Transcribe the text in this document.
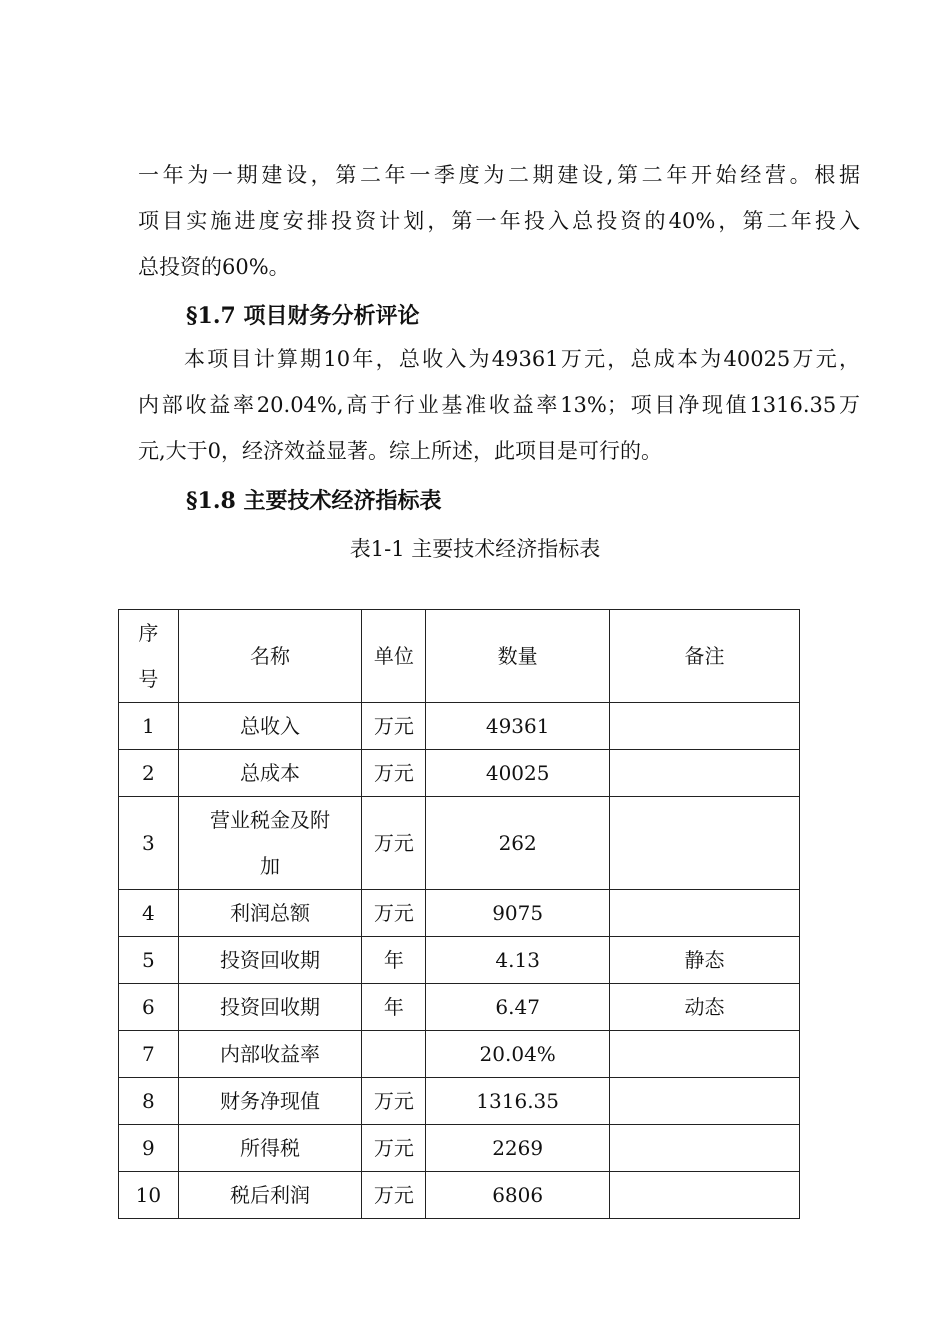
一年为一期建设，第二年一季度为二期建设,第二年开始经营。根据
项目实施进度安排投资计划，第一年投入总投资的40%，第二年投入
总投资的60%。
§1.7 项目财务分析评论
本项目计算期10年，总收入为49361万元，总成本为40025万元，
内部收益率20.04%,高于行业基准收益率13%；项目净现值1316.35万
元,大于0，经济效益显著。综上所述，此项目是可行的。
§1.8 主要技术经济指标表

表1-1 主要技术经济指标表

序号	名称	单位	数量	备注
1	总收入	万元	49361	
2	总成本	万元	40025	
3	营业税金及附加	万元	262	
4	利润总额	万元	9075	
5	投资回收期	年	4.13	静态
6	投资回收期	年	6.47	动态
7	内部收益率		20.04%	
8	财务净现值	万元	1316.35	
9	所得税	万元	2269	
10	税后利润	万元	6806	
